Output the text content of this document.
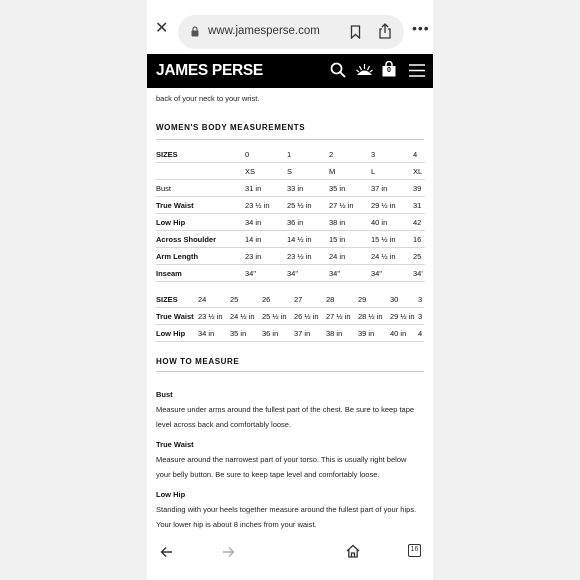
✕	www.jamesperse.com	•••
JAMES PERSE	0
back of your neck to your wrist.
WOMEN'S BODY MEASUREMENTS
SIZES	0	1	2	3	4
	XS	S	M	L	XL
Bust	31 in	33 in	35 in	37 in	39
True Waist	23 ½ in	25 ½ in	27 ½ in	29 ½ in	31
Low Hip	34 in	36 in	38 in	40 in	42
Across Shoulder	14 in	14 ½ in	15 in	15 ½ in	16
Arm Length	23 in	23 ½ in	24 in	24 ½ in	25
Inseam	34"	34"	34"	34"	34'
SIZES	24	25	26	27	28	29	30	3
True Waist	23 ½ in	24 ½ in	25 ½ in	26 ½ in	27 ½ in	28 ½ in	29 ½ in	3
Low Hip	34 in	35 in	36 in	37 in	38 in	39 in	40 in	4
HOW TO MEASURE
Bust

Measure under arms around the fullest part of the chest. Be sure to keep tape

level across back and comfortably loose.

True Waist

Measure around the narrowest part of your torso. This is usually right below

your belly button. Be sure to keep tape level and comfortably loose.

Low Hip

Standing with your heels together measure around the fullest part of your hips.

Your lower hip is about 8 inches from your waist.

16
